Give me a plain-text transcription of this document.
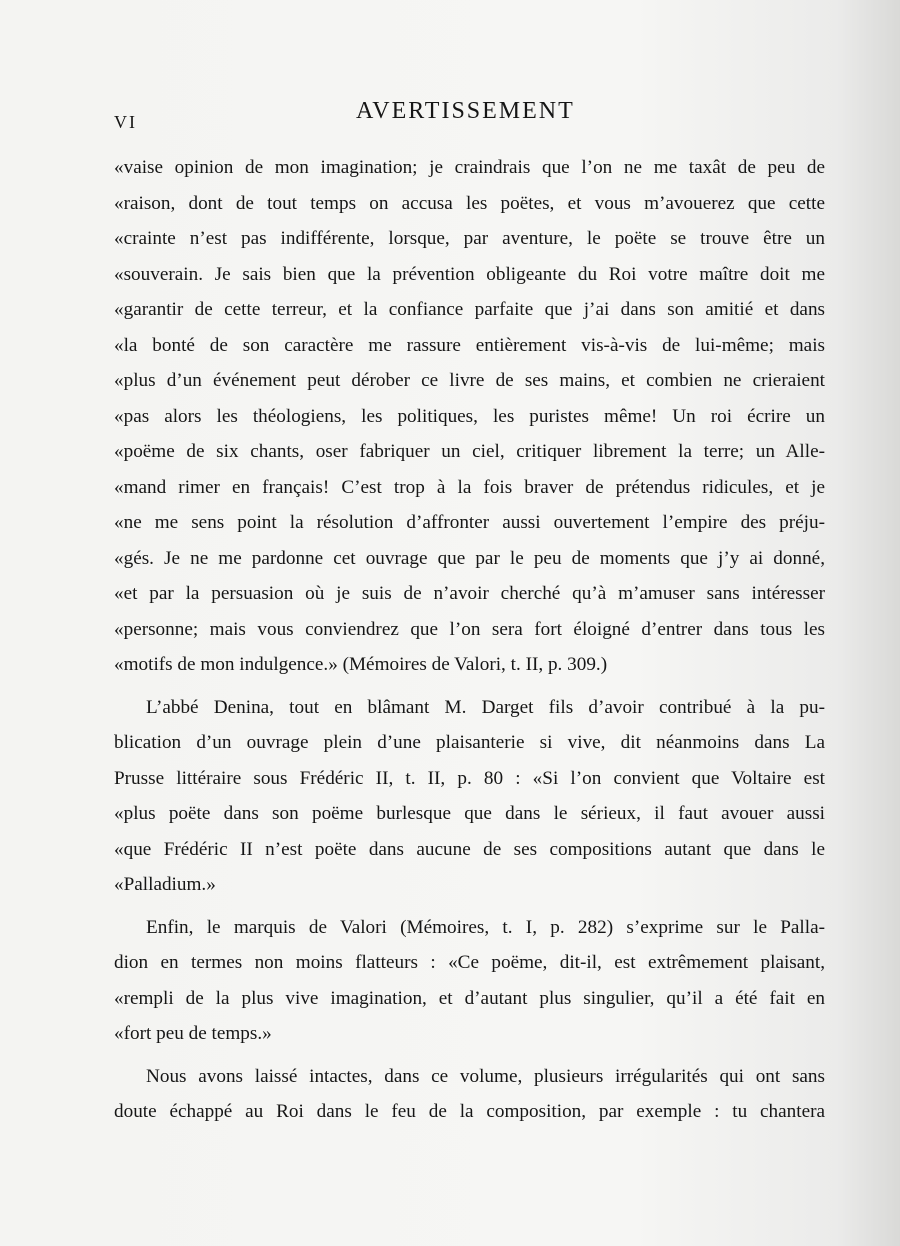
VI	AVERTISSEMENT
«vaise opinion de mon imagination; je craindrais que l’on ne me taxât de peu de
«raison, dont de tout temps on accusa les poëtes, et vous m’avouerez que cette
«crainte n’est pas indifférente, lorsque, par aventure, le poëte se trouve être un
«souverain. Je sais bien que la prévention obligeante du Roi votre maître doit me
«garantir de cette terreur, et la confiance parfaite que j’ai dans son amitié et dans
«la bonté de son caractère me rassure entièrement vis-à-vis de lui-même; mais
«plus d’un événement peut dérober ce livre de ses mains, et combien ne crieraient
«pas alors les théologiens, les politiques, les puristes même! Un roi écrire un
«poëme de six chants, oser fabriquer un ciel, critiquer librement la terre; un Alle-
«mand rimer en français! C’est trop à la fois braver de prétendus ridicules, et je
«ne me sens point la résolution d’affronter aussi ouvertement l’empire des préju-
«gés. Je ne me pardonne cet ouvrage que par le peu de moments que j’y ai donné,
«et par la persuasion où je suis de n’avoir cherché qu’à m’amuser sans intéresser
«personne; mais vous conviendrez que l’on sera fort éloigné d’entrer dans tous les
«motifs de mon indulgence.» (Mémoires de Valori, t. II, p. 309.)
L’abbé Denina, tout en blâmant M. Darget fils d’avoir contribué à la pu-
blication d’un ouvrage plein d’une plaisanterie si vive, dit néanmoins dans La
Prusse littéraire sous Frédéric II, t. II, p. 80 : «Si l’on convient que Voltaire est
«plus poëte dans son poëme burlesque que dans le sérieux, il faut avouer aussi
«que Frédéric II n’est poëte dans aucune de ses compositions autant que dans le
«Palladium.»
Enfin, le marquis de Valori (Mémoires, t. I, p. 282) s’exprime sur le Palla-
dion en termes non moins flatteurs : «Ce poëme, dit-il, est extrêmement plaisant,
«rempli de la plus vive imagination, et d’autant plus singulier, qu’il a été fait en
«fort peu de temps.»
Nous avons laissé intactes, dans ce volume, plusieurs irrégularités qui ont sans
doute échappé au Roi dans le feu de la composition, par exemple : tu chantera
